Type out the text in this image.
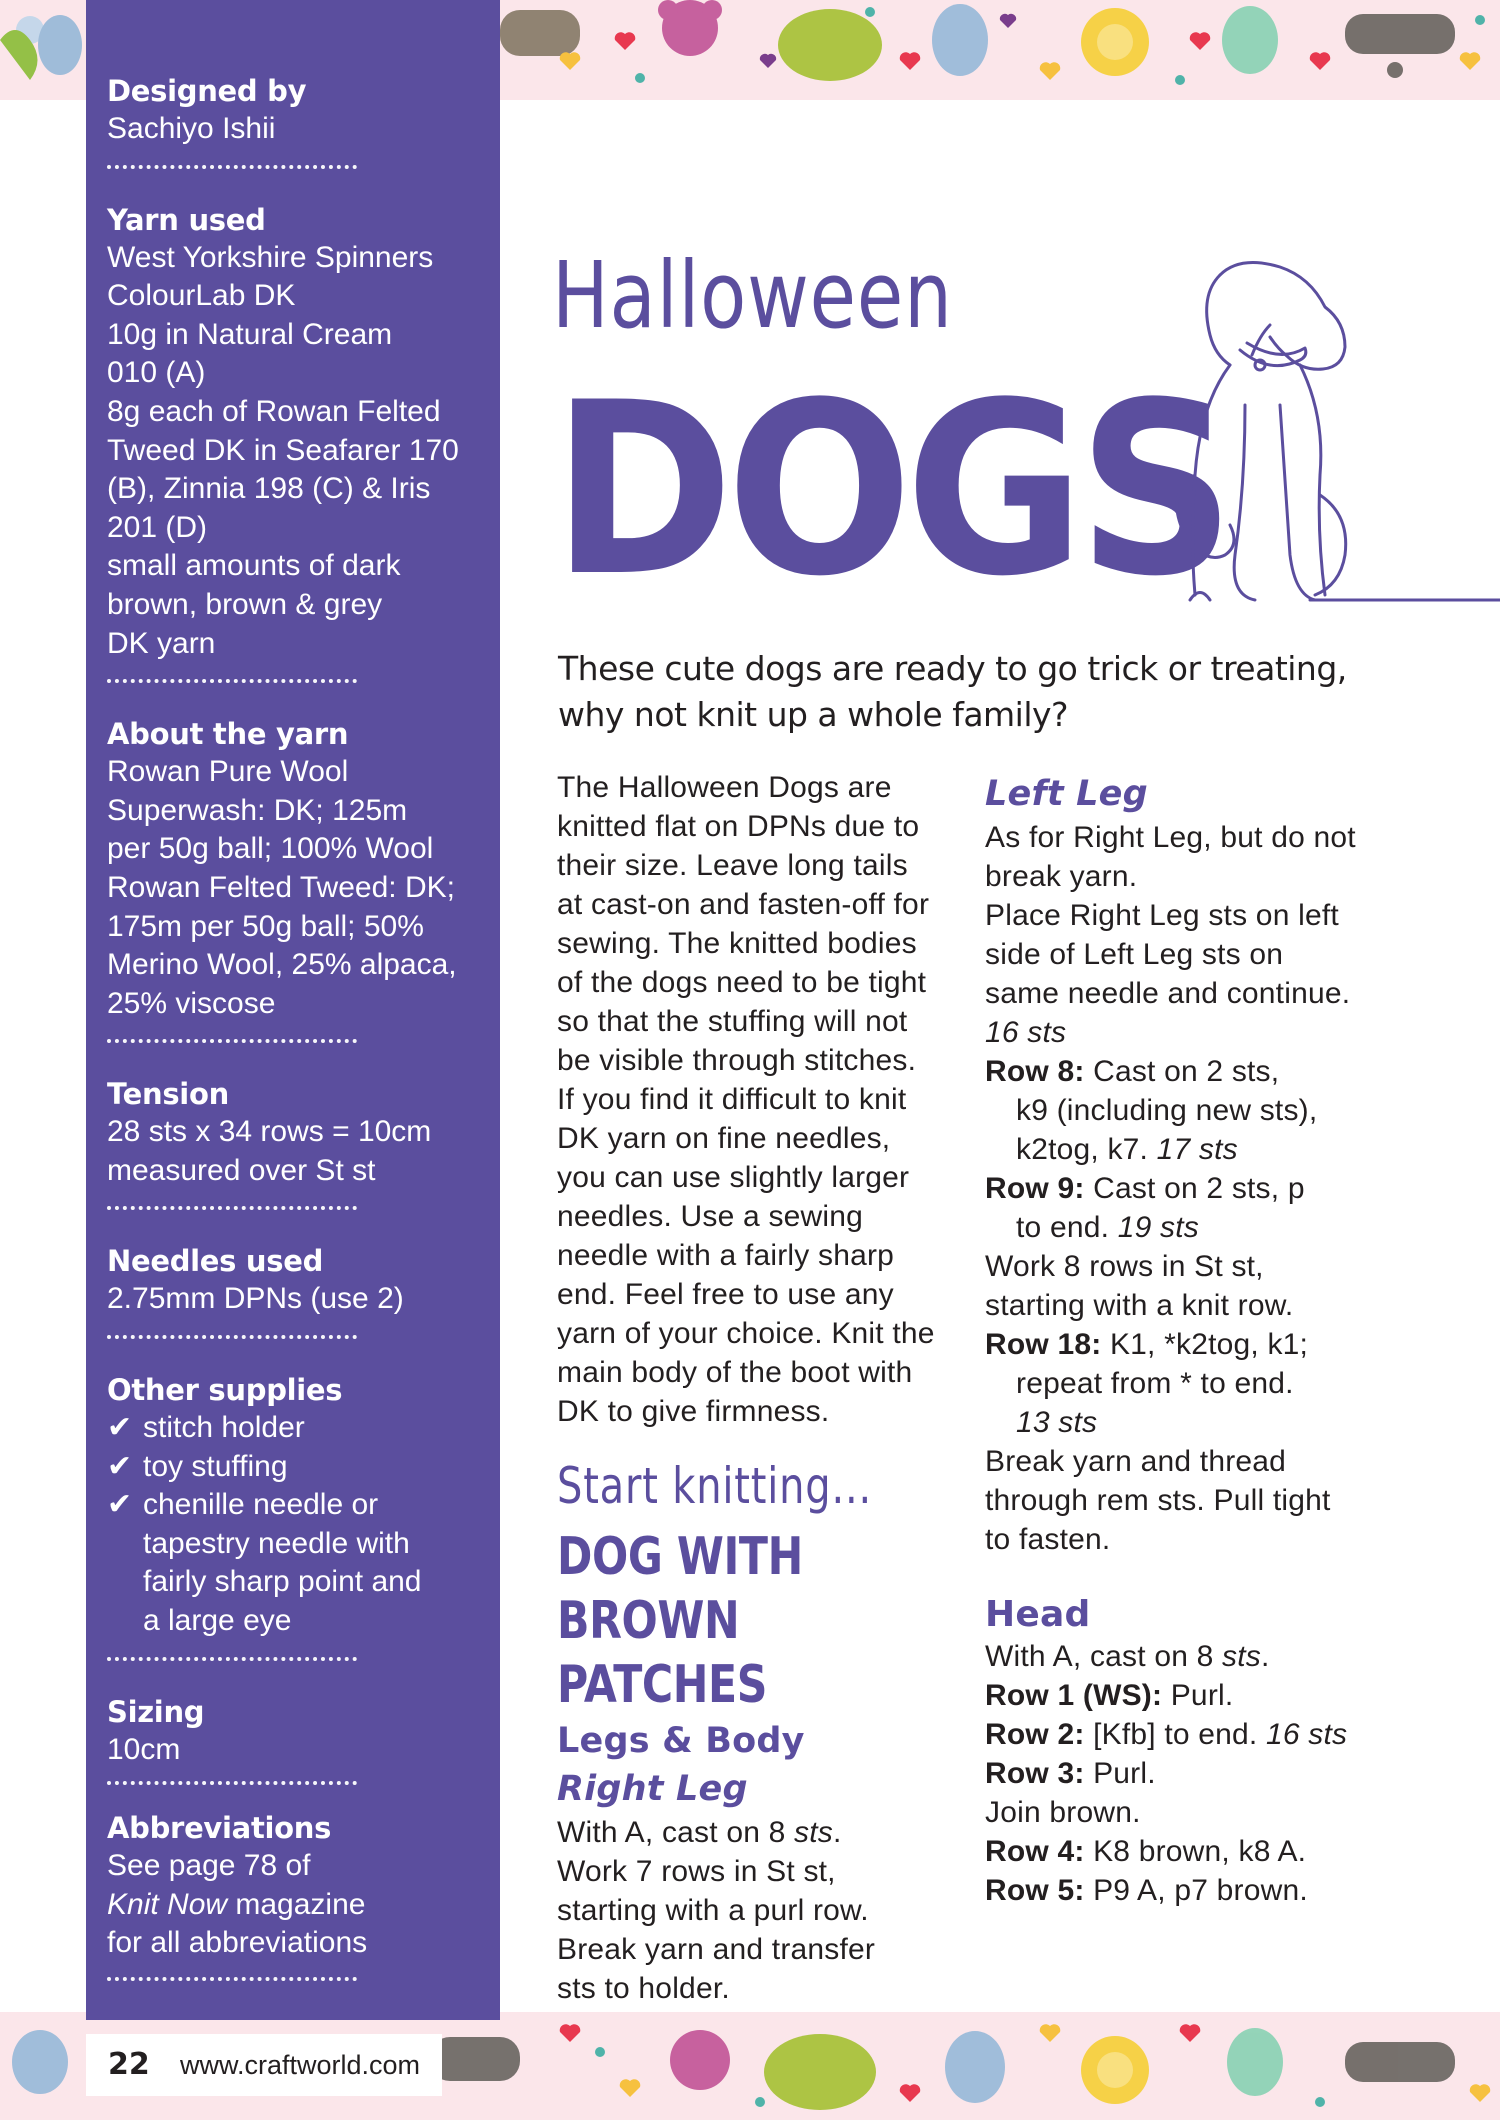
Designed by
Sachiyo Ishii
Yarn used
West Yorkshire Spinners
ColourLab DK
10g in Natural Cream
010 (A)
8g each of Rowan Felted
Tweed DK in Seafarer 170
(B), Zinnia 198 (C) & Iris
201 (D)
small amounts of dark
brown, brown & grey
DK yarn
About the yarn
Rowan Pure Wool
Superwash: DK; 125m
per 50g ball; 100% Wool
Rowan Felted Tweed: DK;
175m per 50g ball; 50%
Merino Wool, 25% alpaca,
25% viscose
Tension
28 sts x 34 rows = 10cm
measured over St st
Needles used
2.75mm DPNs (use 2)
Other supplies
✔ stitch holder
✔ toy stuffing
✔ chenille needle or
tapestry needle with
fairly sharp point and
a large eye
Sizing
10cm
Abbreviations
See page 78 of
Knit Now magazine
for all abbreviations
Halloween
DOGS
These cute dogs are ready to go trick or treating,
why not knit up a whole family?

The Halloween Dogs are

knitted flat on DPNs due to

their size. Leave long tails

at cast-on and fasten-off for

sewing. The knitted bodies

of the dogs need to be tight

so that the stuffing will not

be visible through stitches.

If you find it difficult to knit

DK yarn on fine needles,

you can use slightly larger

needles. Use a sewing

needle with a fairly sharp

end. Feel free to use any

yarn of your choice. Knit the

main body of the boot with

DK to give firmness.

Start knitting...
DOG WITH
BROWN PATCHES
Legs & Body
Right Leg

With A, cast on 8 sts.

Work 7 rows in St st,

starting with a purl row.

Break yarn and transfer

sts to holder.

Left Leg

As for Right Leg, but do not

break yarn.

Place Right Leg sts on left

side of Left Leg sts on

same needle and continue.

16 sts

Row 8: Cast on 2 sts,

k9 (including new sts),

k2tog, k7. 17 sts

Row 9: Cast on 2 sts, p

to end. 19 sts

Work 8 rows in St st,

starting with a knit row.

Row 18: K1, *k2tog, k1;

repeat from * to end.

13 sts

Break yarn and thread

through rem sts. Pull tight

to fasten.

Head

With A, cast on 8 sts.

Row 1 (WS): Purl.

Row 2: [Kfb] to end. 16 sts

Row 3: Purl.

Join brown.

Row 4: K8 brown, k8 A.

Row 5: P9 A, p7 brown.

22 www.craftworld.com
